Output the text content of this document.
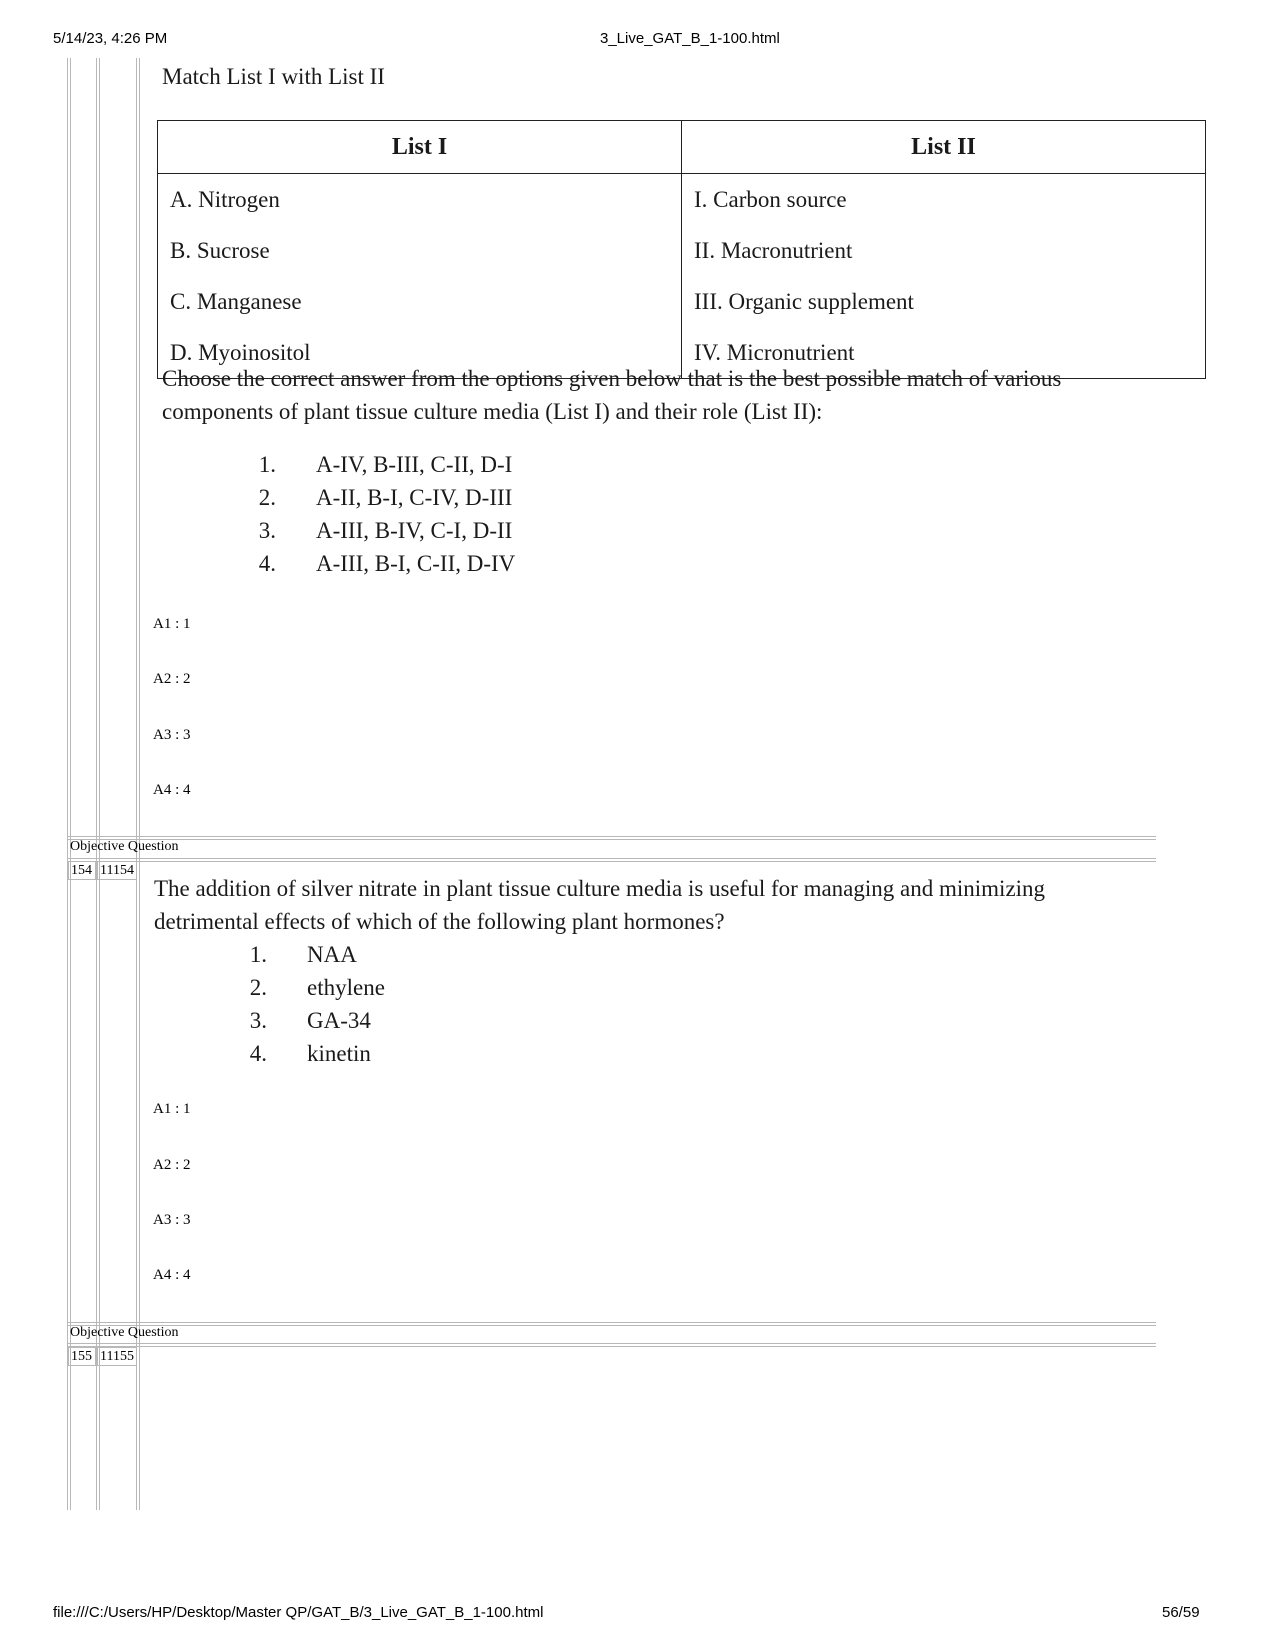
5/14/23, 4:26 PM	3_Live_GAT_B_1-100.html
Match List I with List II
List I	List II
A. Nitrogen	I. Carbon source
B. Sucrose	II. Macronutrient
C. Manganese	III. Organic supplement
D. Myoinositol	IV. Micronutrient
Choose the correct answer from the options given below that is the best possible match of various
components of plant tissue culture media (List I) and their role (List II):
1. A-IV, B-III, C-II, D-I
2. A-II, B-I, C-IV, D-III
3. A-III, B-IV, C-I, D-II
4. A-III, B-I, C-II, D-IV
A1 : 1
A2 : 2
A3 : 3
A4 : 4
Objective Question
154 11154
The addition of silver nitrate in plant tissue culture media is useful for managing and minimizing
detrimental effects of which of the following plant hormones?
1. NAA
2. ethylene
3. GA-34
4. kinetin
A1 : 1
A2 : 2
A3 : 3
A4 : 4
Objective Question
155 11155
file:///C:/Users/HP/Desktop/Master QP/GAT_B/3_Live_GAT_B_1-100.html	56/59
